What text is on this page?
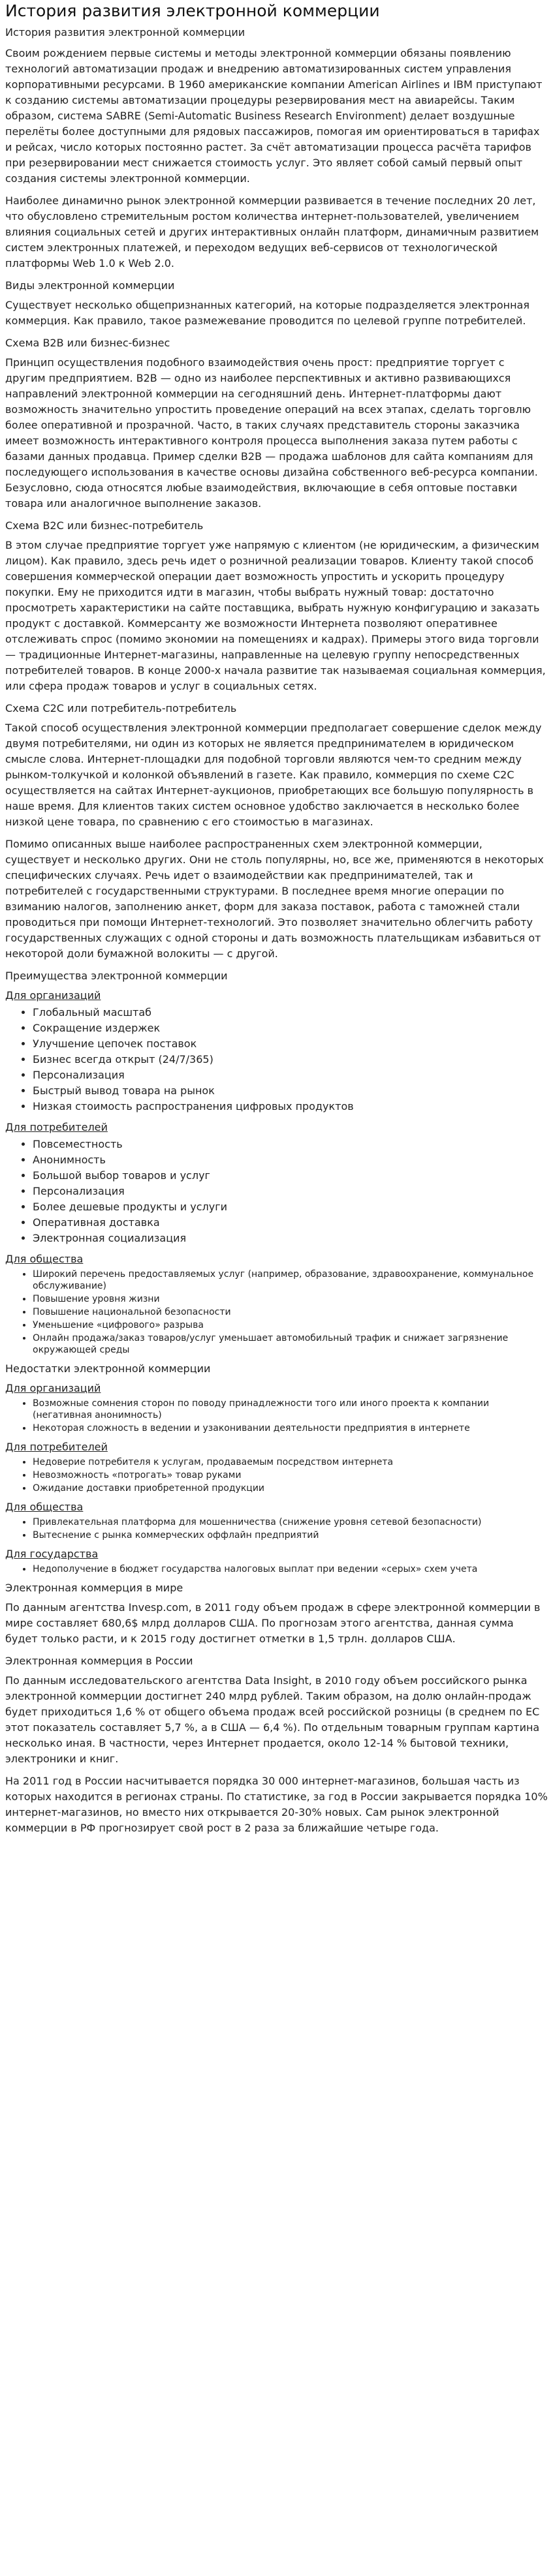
История развития электронной коммерции
История развития электронной коммерции

Своим рождением первые системы и методы электронной коммерции обязаны появлению технологий автоматизации продаж и внедрению автоматизированных систем управления корпоративными ресурсами. В 1960 американские компании American Airlines и IBM приступают к созданию системы автоматизации процедуры резервирования мест на авиарейсы. Таким образом, система SABRE (Semi-Automatic Business Research Environment) делает воздушные перелёты более доступными для рядовых пассажиров, помогая им ориентироваться в тарифах и рейсах, число которых постоянно растет. За счёт автоматизации процесса расчёта тарифов при резервировании мест снижается стоимость услуг. Это являет собой самый первый опыт создания системы электронной коммерции.

Наиболее динамично рынок электронной коммерции развивается в течение последних 20 лет, что обусловлено стремительным ростом количества интернет-пользователей, увеличением влияния социальных сетей и других интерактивных онлайн платформ, динамичным развитием систем электронных платежей, и переходом ведущих веб-сервисов от технологической платформы Web 1.0 к Web 2.0.

Виды электронной коммерции

Существует несколько общепризнанных категорий, на которые подразделяется электронная коммерция. Как правило, такое размежевание проводится по целевой группе потребителей.

Схема B2B или бизнес-бизнес

Принцип осуществления подобного взаимодействия очень прост: предприятие торгует с другим предприятием. B2B — одно из наиболее перспективных и активно развивающихся направлений электронной коммерции на сегодняшний день. Интернет-платформы дают возможность значительно упростить проведение операций на всех этапах, сделать торговлю более оперативной и прозрачной. Часто, в таких случаях представитель стороны заказчика имеет возможность интерактивного контроля процесса выполнения заказа путем работы с базами данных продавца. Пример сделки B2B — продажа шаблонов для сайта компаниям для последующего использования в качестве основы дизайна собственного веб-ресурса компании. Безусловно, сюда относятся любые взаимодействия, включающие в себя оптовые поставки товара или аналогичное выполнение заказов.

Схема B2C или бизнес-потребитель

В этом случае предприятие торгует уже напрямую с клиентом (не юридическим, а физическим лицом). Как правило, здесь речь идет о розничной реализации товаров. Клиенту такой способ совершения коммерческой операции дает возможность упростить и ускорить процедуру покупки. Ему не приходится идти в магазин, чтобы выбрать нужный товар: достаточно просмотреть характеристики на сайте поставщика, выбрать нужную конфигурацию и заказать продукт с доставкой. Коммерсанту же возможности Интернета позволяют оперативнее отслеживать спрос (помимо экономии на помещениях и кадрах). Примеры этого вида торговли — традиционные Интернет-магазины, направленные на целевую группу непосредственных потребителей товаров. В конце 2000-х начала развитие так называемая социальная коммерция, или сфера продаж товаров и услуг в социальных сетях.

Схема C2C или потребитель-потребитель

Такой способ осуществления электронной коммерции предполагает совершение сделок между двумя потребителями, ни один из которых не является предпринимателем в юридическом смысле слова. Интернет-площадки для подобной торговли являются чем-то средним между рынком-толкучкой и колонкой объявлений в газете. Как правило, коммерция по схеме C2C осуществляется на сайтах Интернет-аукционов, приобретающих все большую популярность в наше время. Для клиентов таких систем основное удобство заключается в несколько более низкой цене товара, по сравнению с его стоимостью в магазинах.

Помимо описанных выше наиболее распространенных схем электронной коммерции, существует и несколько других. Они не столь популярны, но, все же, применяются в некоторых специфических случаях. Речь идет о взаимодействии как предпринимателей, так и потребителей с государственными структурами. В последнее время многие операции по взиманию налогов, заполнению анкет, форм для заказа поставок, работа с таможней стали проводиться при помощи Интернет-технологий. Это позволяет значительно облегчить работу государственных служащих с одной стороны и дать возможность плательщикам избавиться от некоторой доли бумажной волокиты — с другой.

Преимущества электронной коммерции
Для организаций
• Глобальный масштаб
• Сокращение издержек
• Улучшение цепочек поставок
• Бизнес всегда открыт (24/7/365)
• Персонализация
• Быстрый вывод товара на рынок
• Низкая стоимость распространения цифровых продуктов
Для потребителей
• Повсеместность
• Анонимность
• Большой выбор товаров и услуг
• Персонализация
• Более дешевые продукты и услуги
• Оперативная доставка
• Электронная социализация
Для общества
• Широкий перечень предоставляемых услуг (например, образование, здравоохранение, коммунальное обслуживание)
• Повышение уровня жизни
• Повышение национальной безопасности
• Уменьшение «цифрового» разрыва
• Онлайн продажа/заказ товаров/услуг уменьшает автомобильный трафик и снижает загрязнение окружающей среды
Недостатки электронной коммерции
Для организаций
• Возможные сомнения сторон по поводу принадлежности того или иного проекта к компании (негативная анонимность)
• Некоторая сложность в ведении и узаконивании деятельности предприятия в интернете
Для потребителей
• Недоверие потребителя к услугам, продаваемым посредством интернета
• Невозможность «потрогать» товар руками
• Ожидание доставки приобретенной продукции
Для общества
• Привлекательная платформа для мошенничества (снижение уровня сетевой безопасности)
• Вытеснение с рынка коммерческих оффлайн предприятий
Для государства
• Недополучение в бюджет государства налоговых выплат при ведении «серых» схем учета
Электронная коммерция в мире

По данным агентства Invesp.com, в 2011 году объем продаж в сфере электронной коммерции в мире составляет 680,6$ млрд долларов США. По прогнозам этого агентства, данная сумма будет только расти, и к 2015 году достигнет отметки в 1,5 трлн. долларов США.

Электронная коммерция в России

По данным исследовательского агентства Data Insight, в 2010 году объем российского рынка электронной коммерции достигнет 240 млрд рублей. Таким образом, на долю онлайн-продаж будет приходиться 1,6 % от общего объема продаж всей российской розницы (в среднем по ЕС этот показатель составляет 5,7 %, а в США — 6,4 %). По отдельным товарным группам картина несколько иная. В частности, через Интернет продается, около 12-14 % бытовой техники, электроники и книг.

На 2011 год в России насчитывается порядка 30 000 интернет-магазинов, большая часть из которых находится в регионах страны. По статистике, за год в России закрывается порядка 10% интернет-магазинов, но вместо них открывается 20-30% новых. Сам рынок электронной коммерции в РФ прогнозирует свой рост в 2 раза за ближайшие четыре года.
